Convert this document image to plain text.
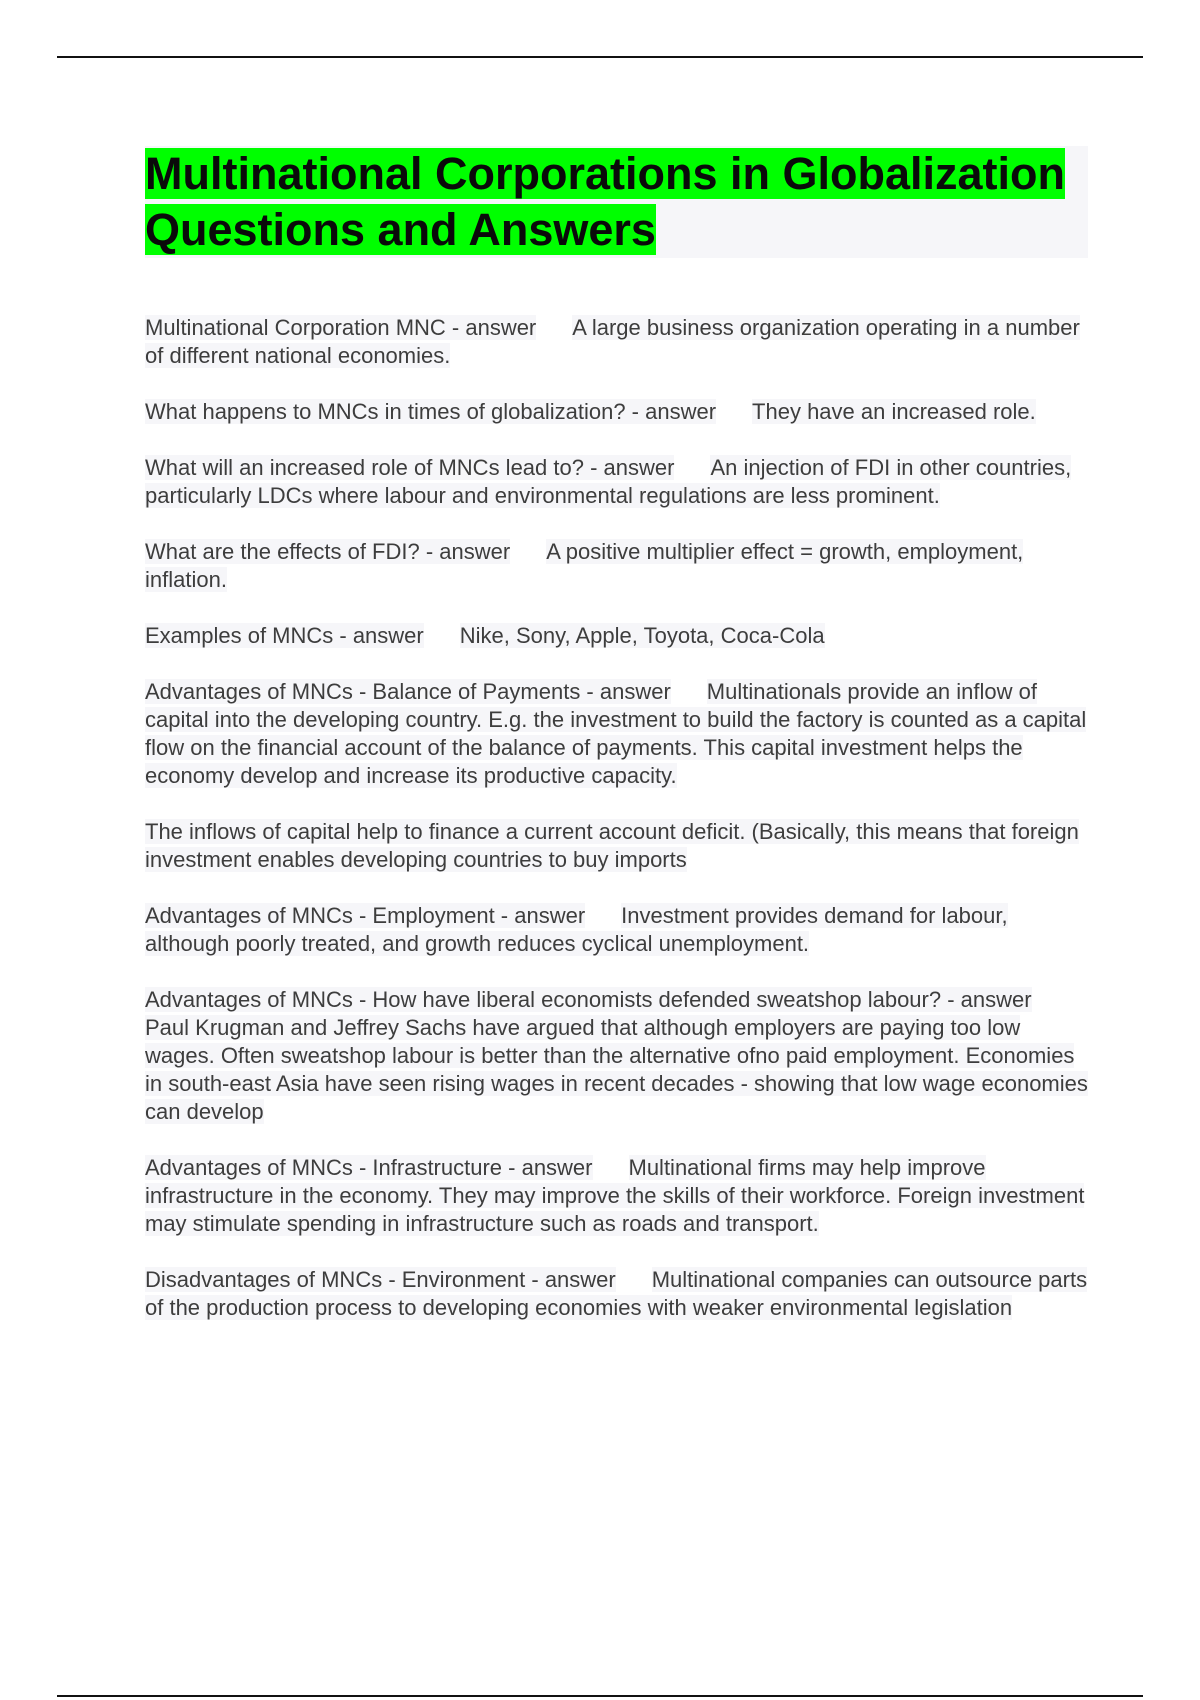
Multinational Corporations in Globalization Questions and Answers

Multinational Corporation MNC - answer A large business organization operating in a number of different national economies.

What happens to MNCs in times of globalization? - answer They have an increased role.

What will an increased role of MNCs lead to? - answer An injection of FDI in other countries, particularly LDCs where labour and environmental regulations are less prominent.

What are the effects of FDI? - answer A positive multiplier effect = growth, employment, inflation.

Examples of MNCs - answer Nike, Sony, Apple, Toyota, Coca-Cola

Advantages of MNCs - Balance of Payments - answer Multinationals provide an inflow of capital into the developing country. E.g. the investment to build the factory is counted as a capital flow on the financial account of the balance of payments. This capital investment helps the economy develop and increase its productive capacity.

The inflows of capital help to finance a current account deficit. (Basically, this means that foreign investment enables developing countries to buy imports

Advantages of MNCs - Employment - answer Investment provides demand for labour, although poorly treated, and growth reduces cyclical unemployment.

Advantages of MNCs - How have liberal economists defended sweatshop labour? - answerPaul Krugman and Jeffrey Sachs have argued that although employers are paying too low wages. Often sweatshop labour is better than the alternative ofno paid employment. Economies in south-east Asia have seen rising wages in recent decades - showing that low wage economies can develop

Advantages of MNCs - Infrastructure - answer Multinational firms may help improve infrastructure in the economy. They may improve the skills of their workforce. Foreign investment may stimulate spending in infrastructure such as roads and transport.

Disadvantages of MNCs - Environment - answer Multinational companies can outsource parts of the production process to developing economies with weaker environmental legislation
